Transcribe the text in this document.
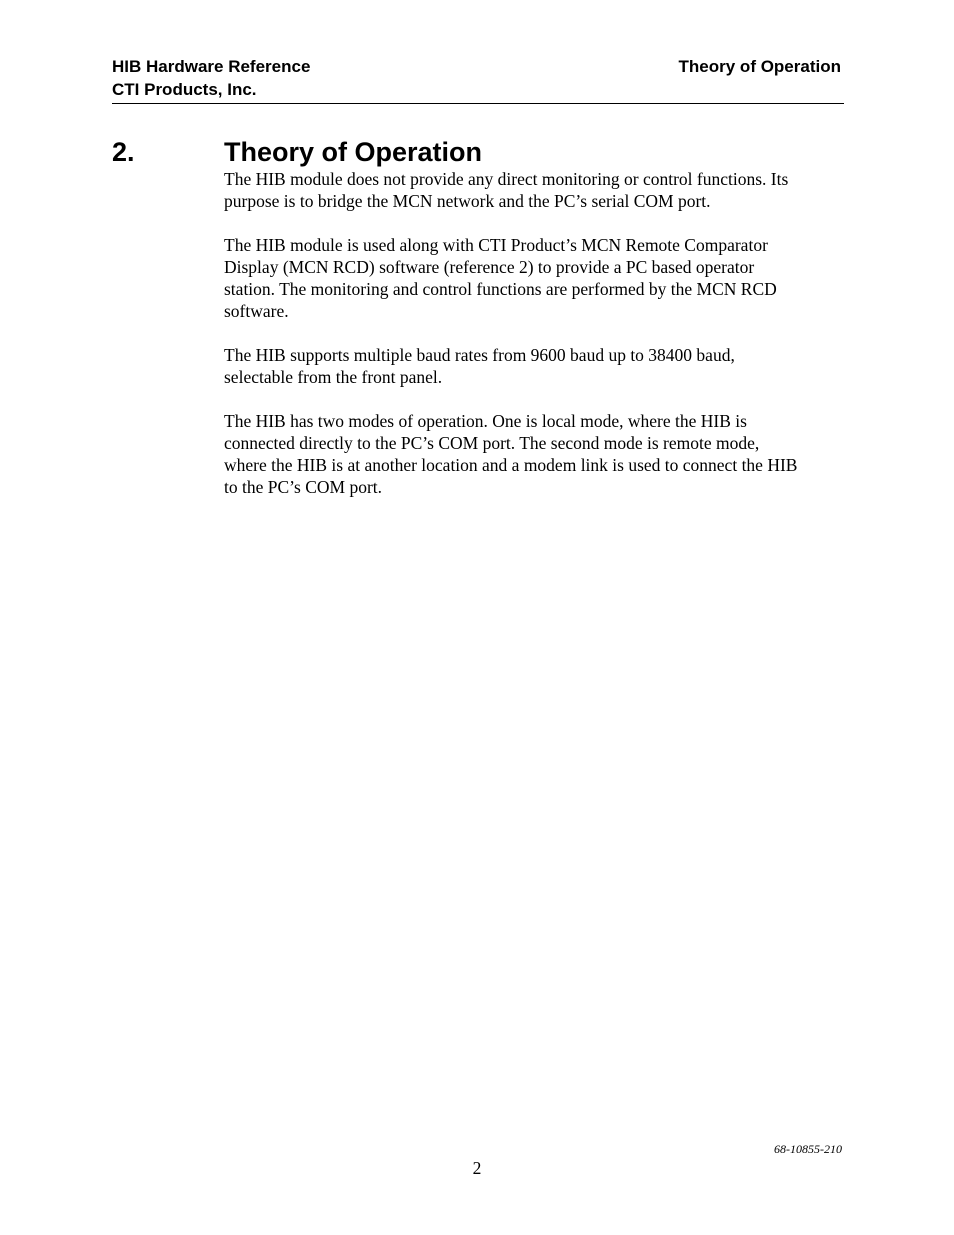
HIB Hardware Reference
CTI Products, Inc.
Theory of Operation
2.	Theory of Operation

The HIB module does not provide any direct monitoring or control functions. Its
purpose is to bridge the MCN network and the PC’s serial COM port.

The HIB module is used along with CTI Product’s MCN Remote Comparator
Display (MCN RCD) software (reference 2) to provide a PC based operator
station. The monitoring and control functions are performed by the MCN RCD
software.

The HIB supports multiple baud rates from 9600 baud up to 38400 baud,
selectable from the front panel.

The HIB has two modes of operation. One is local mode, where the HIB is
connected directly to the PC’s COM port. The second mode is remote mode,
where the HIB is at another location and a modem link is used to connect the HIB
to the PC’s COM port.

68-10855-210
2
